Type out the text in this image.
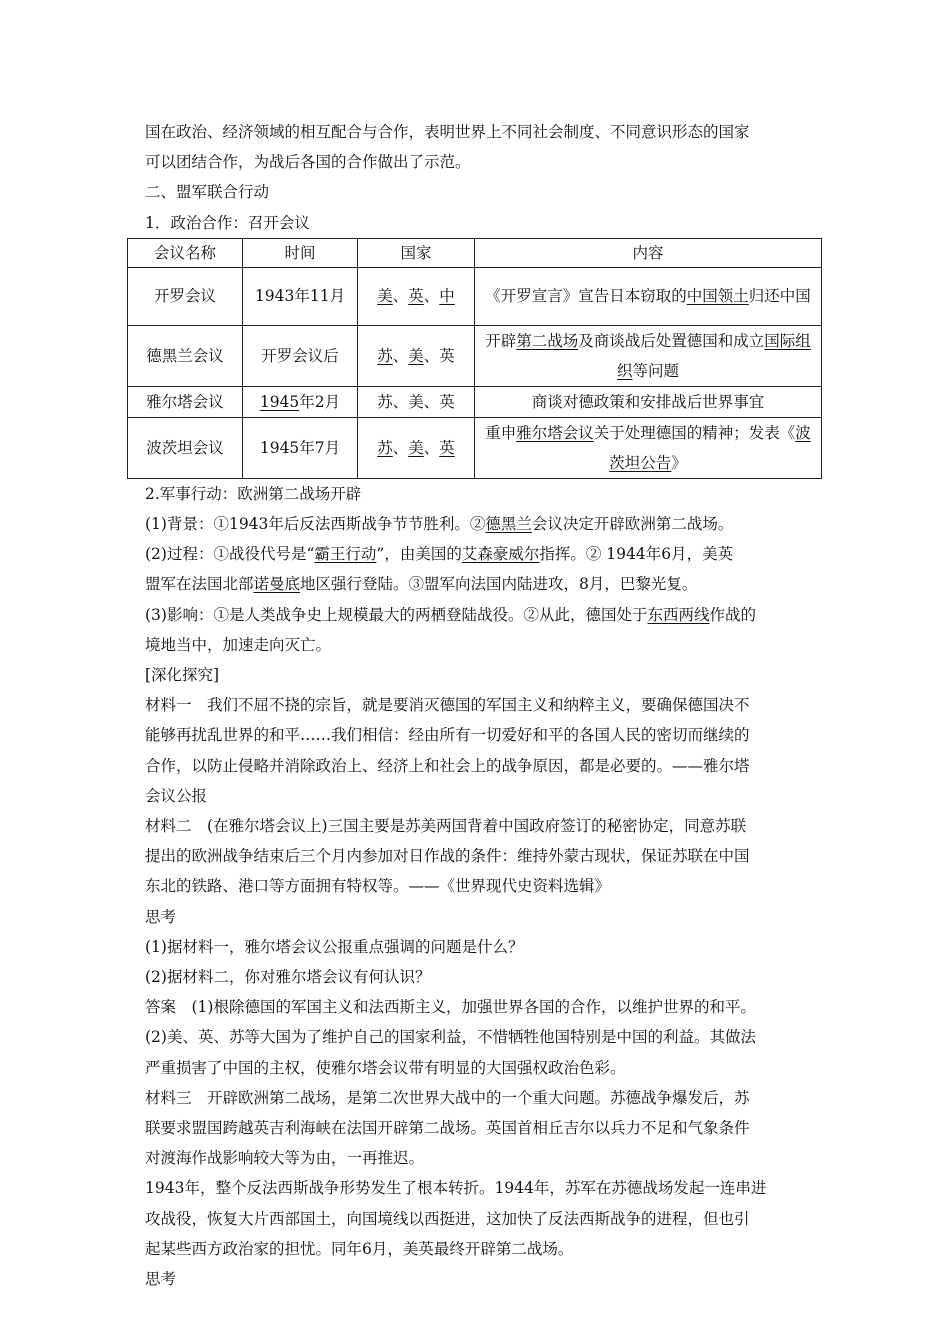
国在政治、经济领域的相互配合与合作，表明世界上不同社会制度、不同意识形态的国家

可以团结合作，为战后各国的合作做出了示范。

二、盟军联合行动

1．政治合作：召开会议

会议名称	时间	国家	内容
开罗会议	1943年11月	美、英、中	《开罗宣言》宣告日本窃取的中国领土归还中国
德黑兰会议	开罗会议后	苏、美、英	开辟第二战场及商谈战后处置德国和成立国际组织等问题
雅尔塔会议	1945年2月	苏、美、英	商谈对德政策和安排战后世界事宜
波茨坦会议	1945年7月	苏、美、英	重申雅尔塔会议关于处理德国的精神；发表《波茨坦公告》

2.军事行动：欧洲第二战场开辟

(1)背景：①1943年后反法西斯战争节节胜利。②德黑兰会议决定开辟欧洲第二战场。

(2)过程：①战役代号是“霸王行动”，由美国的艾森豪威尔指挥。② 1944年6月，美英

盟军在法国北部诺曼底地区强行登陆。③盟军向法国内陆进攻，8月，巴黎光复。

(3)影响：①是人类战争史上规模最大的两栖登陆战役。②从此，德国处于东西两线作战的

境地当中，加速走向灭亡。

[深化探究]

材料一　我们不屈不挠的宗旨，就是要消灭德国的军国主义和纳粹主义，要确保德国决不

能够再扰乱世界的和平……我们相信：经由所有一切爱好和平的各国人民的密切而继续的

合作，以防止侵略并消除政治上、经济上和社会上的战争原因，都是必要的。——雅尔塔

会议公报

材料二　(在雅尔塔会议上)三国主要是苏美两国背着中国政府签订的秘密协定，同意苏联

提出的欧洲战争结束后三个月内参加对日作战的条件：维持外蒙古现状，保证苏联在中国

东北的铁路、港口等方面拥有特权等。——《世界现代史资料选辑》

思考

(1)据材料一，雅尔塔会议公报重点强调的问题是什么？

(2)据材料二，你对雅尔塔会议有何认识？

答案　(1)根除德国的军国主义和法西斯主义，加强世界各国的合作，以维护世界的和平。

(2)美、英、苏等大国为了维护自己的国家利益，不惜牺牲他国特别是中国的利益。其做法

严重损害了中国的主权，使雅尔塔会议带有明显的大国强权政治色彩。

材料三　开辟欧洲第二战场，是第二次世界大战中的一个重大问题。苏德战争爆发后，苏

联要求盟国跨越英吉利海峡在法国开辟第二战场。英国首相丘吉尔以兵力不足和气象条件

对渡海作战影响较大等为由，一再推迟。

1943年，整个反法西斯战争形势发生了根本转折。1944年，苏军在苏德战场发起一连串进

攻战役，恢复大片西部国土，向国境线以西挺进，这加快了反法西斯战争的进程，但也引

起某些西方政治家的担忧。同年6月，美英最终开辟第二战场。

思考
